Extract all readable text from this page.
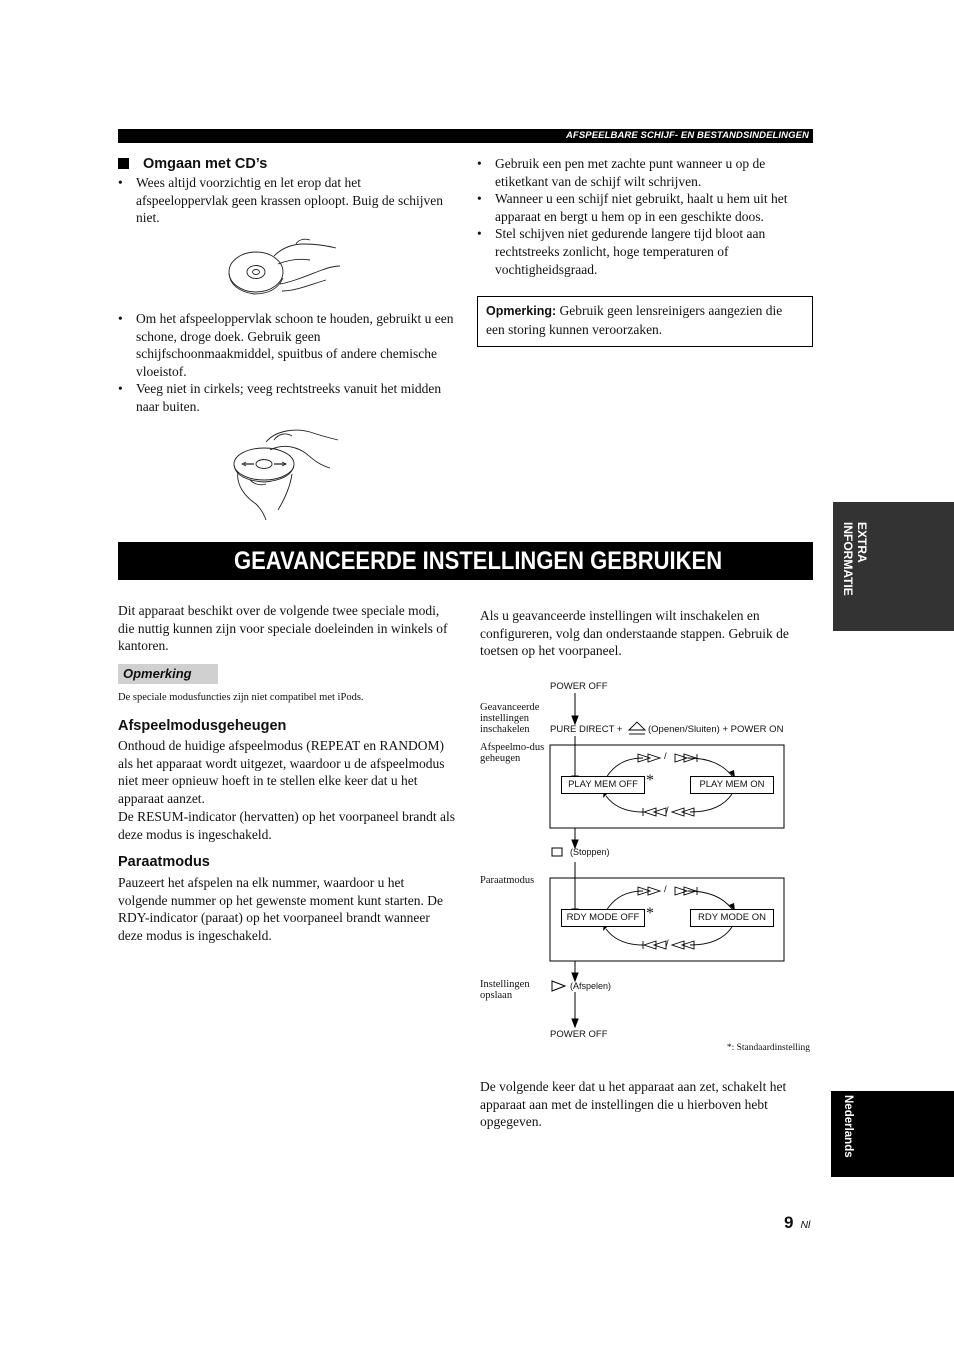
AFSPEELBARE SCHIJF- EN BESTANDSINDELINGEN
Omgaan met CD’s
• Wees altijd voorzichtig en let erop dat het afspeeloppervlak geen krassen oploopt. Buig de schijven niet.
• Om het afspeeloppervlak schoon te houden, gebruikt u een schone, droge doek. Gebruik geen schijfschoonmaakmiddel, spuitbus of andere chemische vloeistof.
• Veeg niet in cirkels; veeg rechtstreeks vanuit het midden naar buiten.
• Gebruik een pen met zachte punt wanneer u op de etiketkant van de schijf wilt schrijven.
• Wanneer u een schijf niet gebruikt, haalt u hem uit het apparaat en bergt u hem op in een geschikte doos.
• Stel schijven niet gedurende langere tijd bloot aan rechtstreeks zonlicht, hoge temperaturen of vochtigheidsgraad.
Opmerking: Gebruik geen lensreinigers aangezien die een storing kunnen veroorzaken.
EXTRA INFORMATIE
Nederlands
GEAVANCEERDE INSTELLINGEN GEBRUIKEN
Dit apparaat beschikt over de volgende twee speciale modi, die nuttig kunnen zijn voor speciale doeleinden in winkels of kantoren.
Opmerking
De speciale modusfuncties zijn niet compatibel met iPods.
Afspeelmodusgeheugen
Onthoud de huidige afspeelmodus (REPEAT en RANDOM) als het apparaat wordt uitgezet, waardoor u de afspeelmodus niet meer opnieuw hoeft in te stellen elke keer dat u het apparaat aanzet.
De RESUM-indicator (hervatten) op het voorpaneel brandt als deze modus is ingeschakeld.
Paraatmodus
Pauzeert het afspelen na elk nummer, waardoor u het volgende nummer op het gewenste moment kunt starten. De RDY-indicator (paraat) op het voorpaneel brandt wanneer deze modus is ingeschakeld.
Als u geavanceerde instellingen wilt inschakelen en configureren, volg dan onderstaande stappen. Gebruik de toetsen op het voorpaneel.
POWER OFF
Geavanceerde instellingen inschakelen	PURE DIRECT +	(Openen/Sluiten) + POWER ON
Afspeelmo-dusgeheugen
PLAY MEM OFF *	PLAY MEM ON
/
/
(Stoppen)
Paraatmodus
RDY MODE OFF *	RDY MODE ON
/
/
Instellingen opslaan
(Afspelen)
POWER OFF
*: Standaardinstelling
De volgende keer dat u het apparaat aan zet, schakelt het apparaat aan met de instellingen die u hierboven hebt opgegeven.
9 Nl
